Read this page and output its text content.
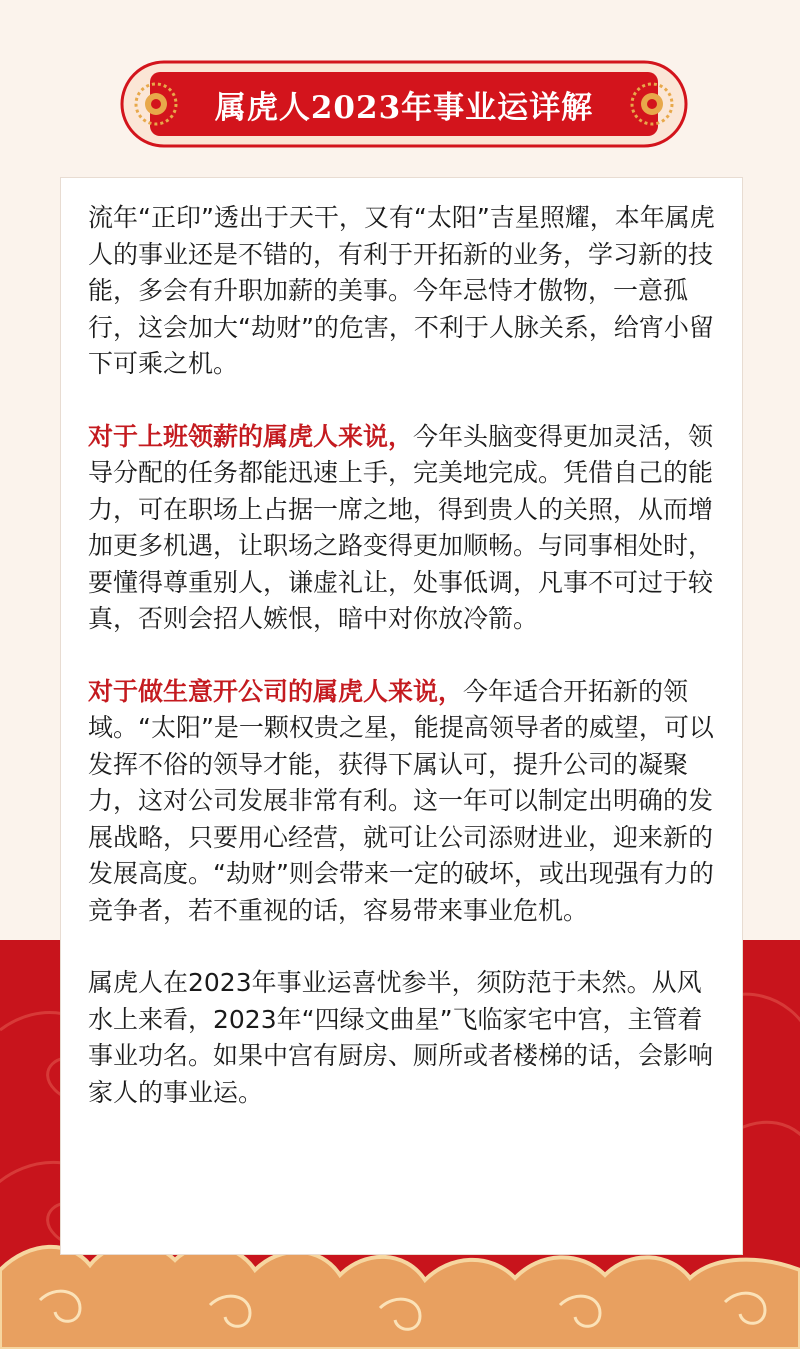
属虎人2023年事业运详解

流年“正印”透出于天干，又有“太阳”吉星照耀，本年属虎人的事业还是不错的，有利于开拓新的业务，学习新的技能，多会有升职加薪的美事。今年忌恃才傲物，一意孤行，这会加大“劫财”的危害，不利于人脉关系，给宵小留下可乘之机。

对于上班领薪的属虎人来说，今年头脑变得更加灵活，领导分配的任务都能迅速上手，完美地完成。凭借自己的能力，可在职场上占据一席之地，得到贵人的关照，从而增加更多机遇，让职场之路变得更加顺畅。与同事相处时，要懂得尊重别人，谦虚礼让，处事低调，凡事不可过于较真，否则会招人嫉恨，暗中对你放冷箭。

对于做生意开公司的属虎人来说，今年适合开拓新的领域。“太阳”是一颗权贵之星，能提高领导者的威望，可以发挥不俗的领导才能，获得下属认可，提升公司的凝聚力，这对公司发展非常有利。这一年可以制定出明确的发展战略，只要用心经营，就可让公司添财进业，迎来新的发展高度。“劫财”则会带来一定的破坏，或出现强有力的竞争者，若不重视的话，容易带来事业危机。

属虎人在2023年事业运喜忧参半，须防范于未然。从风水上来看，2023年“四绿文曲星”飞临家宅中宫，主管着事业功名。如果中宫有厨房、厕所或者楼梯的话，会影响家人的事业运。
